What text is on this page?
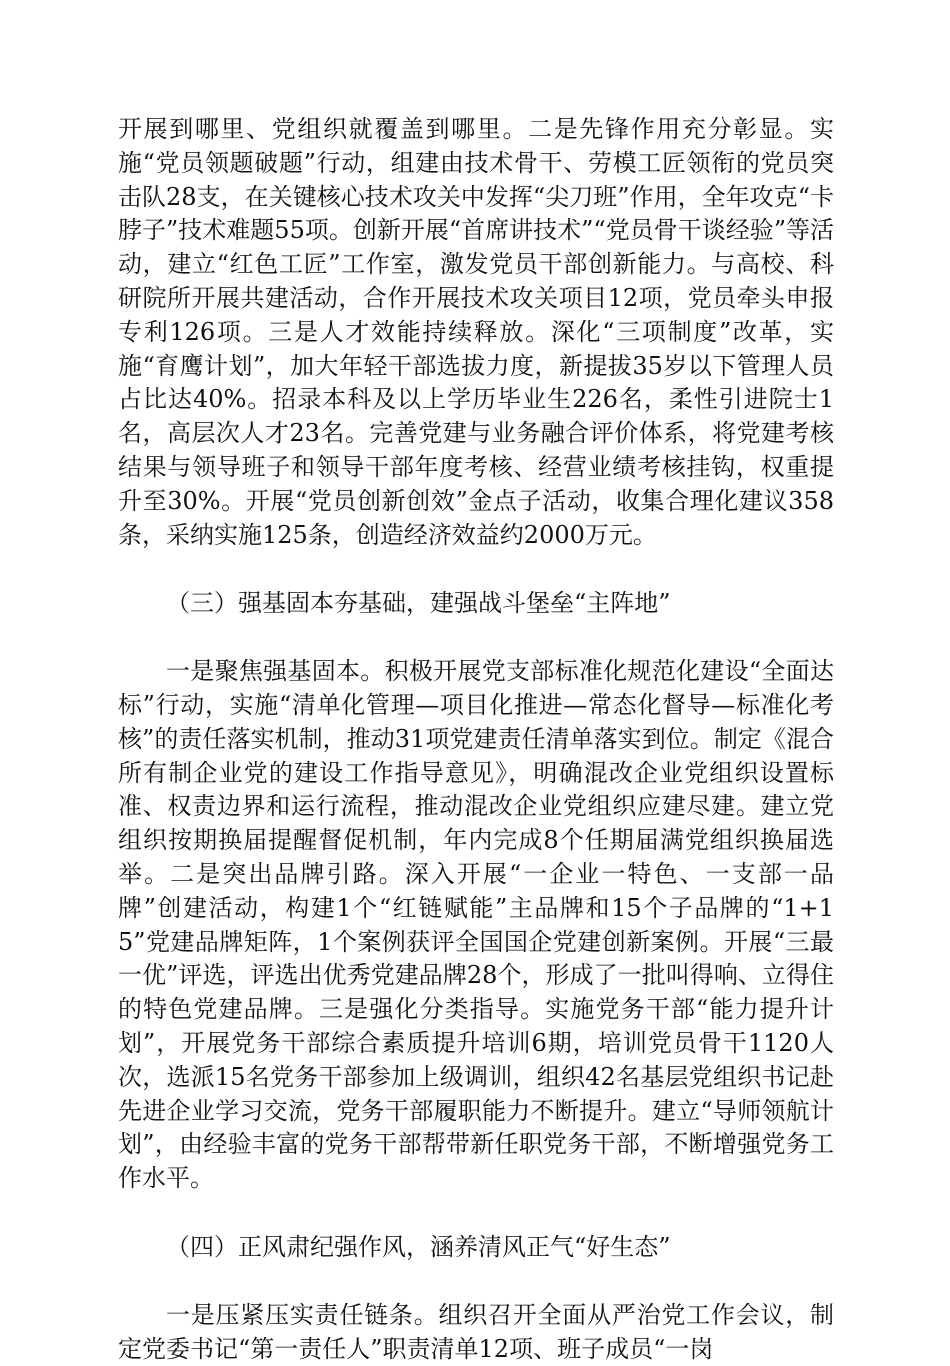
开展到哪里、党组织就覆盖到哪里。二是先锋作用充分彰显。实施“党员领题破题”行动，组建由技术骨干、劳模工匠领衔的党员突击队28支，在关键核心技术攻关中发挥“尖刀班”作用，全年攻克“卡脖子”技术难题55项。创新开展“首席讲技术”“党员骨干谈经验”等活动，建立“红色工匠”工作室，激发党员干部创新能力。与高校、科研院所开展共建活动，合作开展技术攻关项目12项，党员牵头申报专利126项。三是人才效能持续释放。深化“三项制度”改革，实施“育鹰计划”，加大年轻干部选拔力度，新提拔35岁以下管理人员占比达40%。招录本科及以上学历毕业生226名，柔性引进院士1名，高层次人才23名。完善党建与业务融合评价体系，将党建考核结果与领导班子和领导干部年度考核、经营业绩考核挂钩，权重提升至30%。开展“党员创新创效”金点子活动，收集合理化建议358条，采纳实施125条，创造经济效益约2000万元。

（三）强基固本夯基础，建强战斗堡垒“主阵地”

一是聚焦强基固本。积极开展党支部标准化规范化建设“全面达标”行动，实施“清单化管理—项目化推进—常态化督导—标准化考核”的责任落实机制，推动31项党建责任清单落实到位。制定《混合所有制企业党的建设工作指导意见》，明确混改企业党组织设置标准、权责边界和运行流程，推动混改企业党组织应建尽建。建立党组织按期换届提醒督促机制，年内完成8个任期届满党组织换届选举。二是突出品牌引路。深入开展“一企业一特色、一支部一品牌”创建活动，构建1个“红链赋能”主品牌和15个子品牌的“1+15”党建品牌矩阵，1个案例获评全国国企党建创新案例。开展“三最一优”评选，评选出优秀党建品牌28个，形成了一批叫得响、立得住的特色党建品牌。三是强化分类指导。实施党务干部“能力提升计划”，开展党务干部综合素质提升培训6期，培训党员骨干1120人次，选派15名党务干部参加上级调训，组织42名基层党组织书记赴先进企业学习交流，党务干部履职能力不断提升。建立“导师领航计划”，由经验丰富的党务干部帮带新任职党务干部，不断增强党务工作水平。

（四）正风肃纪强作风，涵养清风正气“好生态”

一是压紧压实责任链条。组织召开全面从严治党工作会议，制定党委书记“第一责任人”职责清单12项、班子成员“一岗
